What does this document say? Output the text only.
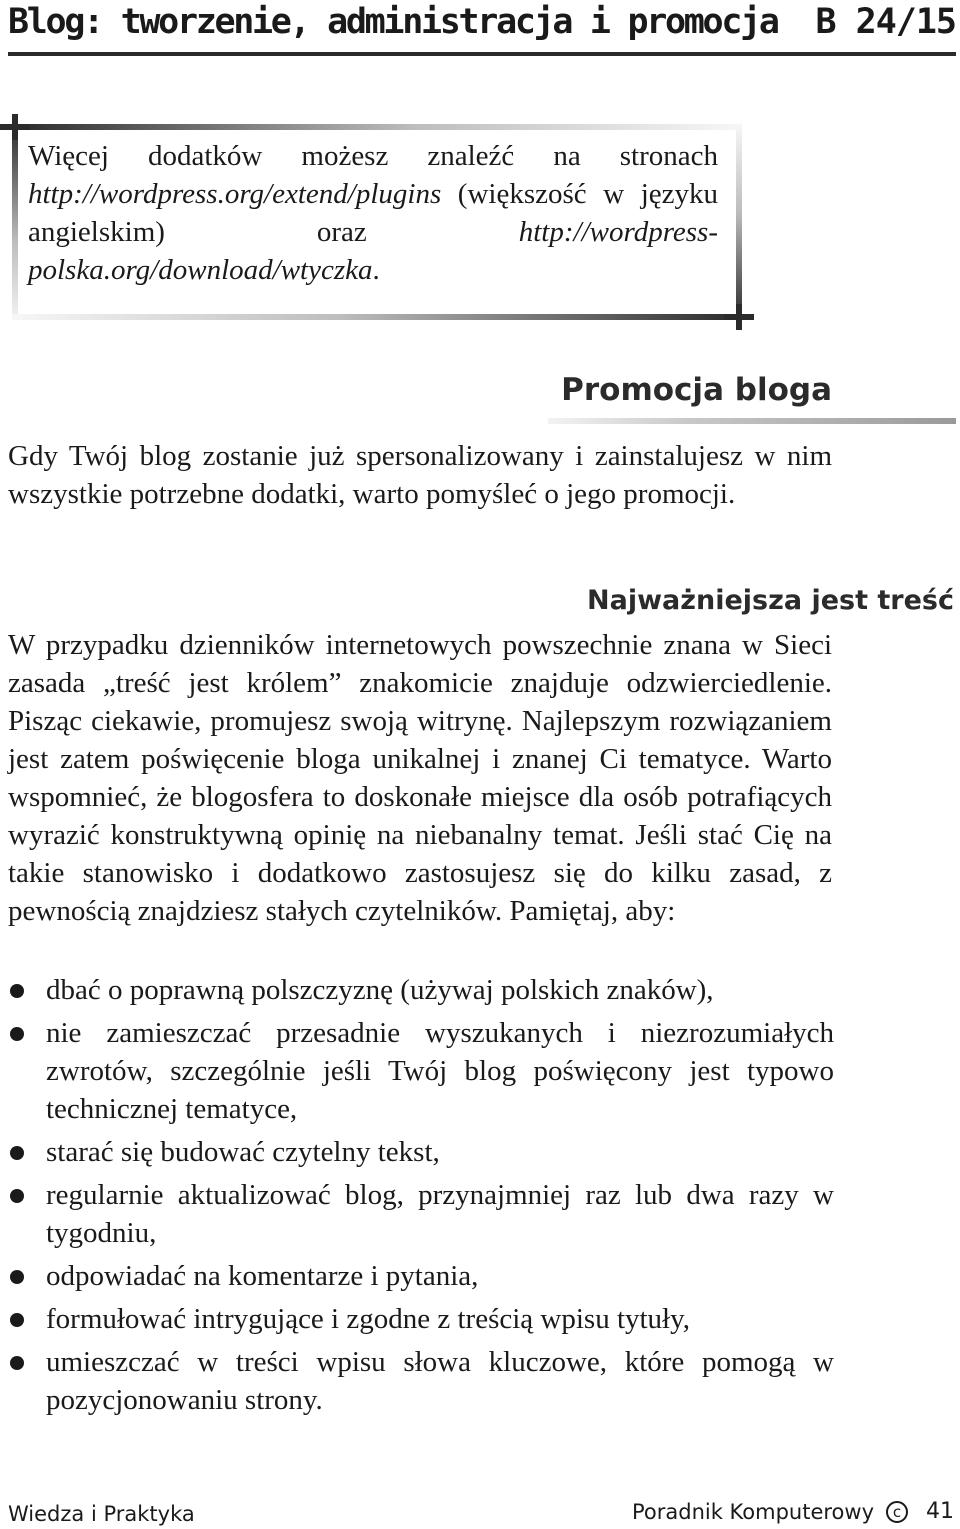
Blog: tworzenie, administracja i promocja B 24/15
Więcej dodatków możesz znaleźć na stronach http://wordpress.org/extend/plugins (większość w języku angielskim) oraz http://wordpress-polska.org/download/wtyczka.
Promocja bloga
Gdy Twój blog zostanie już spersonalizowany i zainstalujesz w nim wszystkie potrzebne dodatki, warto pomyśleć o jego promocji.
Najważniejsza jest treść
W przypadku dzienników internetowych powszechnie znana w Sieci zasada „treść jest królem” znakomicie znajduje odzwierciedlenie. Pisząc ciekawie, promujesz swoją witrynę. Najlepszym rozwiązaniem jest zatem poświęcenie bloga unikalnej i znanej Ci tematyce. Warto wspomnieć, że blogosfera to doskonałe miejsce dla osób potrafiących wyrazić konstruktywną opinię na niebanalny temat. Jeśli stać Cię na takie stanowisko i dodatkowo zastosujesz się do kilku zasad, z pewnością znajdziesz stałych czytelników. Pamiętaj, aby:
dbać o poprawną polszczyznę (używaj polskich znaków),
nie zamieszczać przesadnie wyszukanych i niezrozumiałych zwrotów, szczególnie jeśli Twój blog poświęcony jest typowo technicznej tematyce,
starać się budować czytelny tekst,
regularnie aktualizować blog, przynajmniej raz lub dwa razy w tygodniu,
odpowiadać na komentarze i pytania,
formułować intrygujące i zgodne z treścią wpisu tytuły,
umieszczać w treści wpisu słowa kluczowe, które pomogą w pozycjonowaniu strony.
Wiedza i Praktyka	Poradnik Komputerowy	c	41
